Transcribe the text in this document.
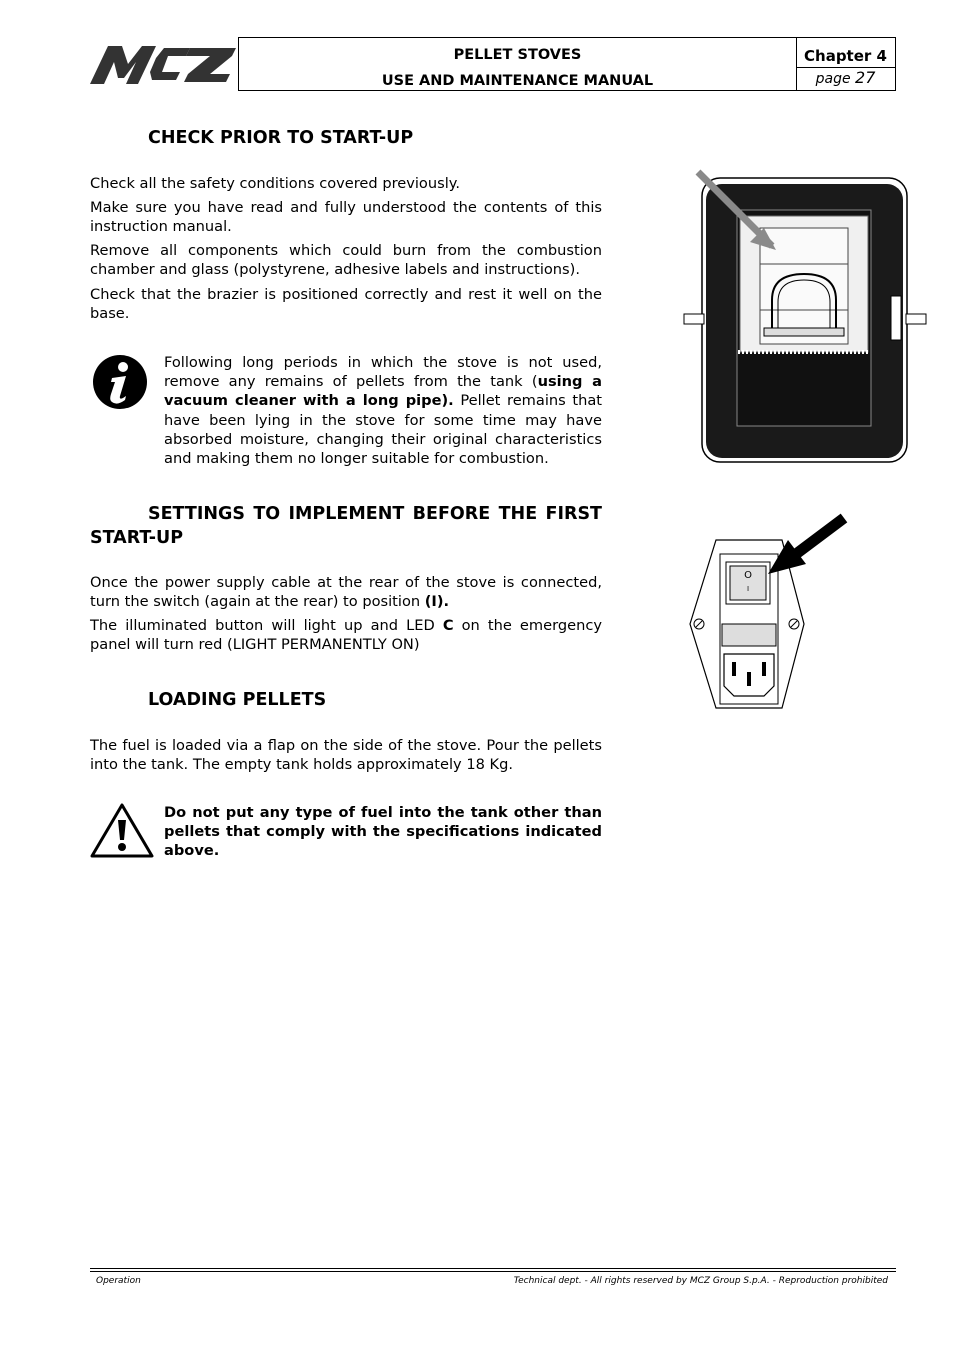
MCZ
PELLET STOVES
USE AND MAINTENANCE MANUAL
Chapter 4
page 27
CHECK PRIOR TO START-UP

Check all the safety conditions covered previously.

Make sure you have read and fully understood the contents of this instruction manual.

Remove all components which could burn from the combustion chamber and glass (polystyrene, adhesive labels and instructions).

Check that the brazier is positioned correctly and rest it well on the base.

Following long periods in which the stove is not used, remove any remains of pellets from the tank (using a vacuum cleaner with a long pipe). Pellet remains that have been lying in the stove for some time may have absorbed moisture, changing their original characteristics and making them no longer suitable for combustion.

SETTINGS TO IMPLEMENT BEFORE THE FIRST
START-UP

Once the power supply cable at the rear of the stove is connected, turn the switch (again at the rear) to position (I).

The illuminated button will light up and LED C on the emergency panel will turn red (LIGHT PERMANENTLY ON)

O
I
LOADING PELLETS

The fuel is loaded via a flap on the side of the stove. Pour the pellets into the tank. The empty tank holds approximately 18 Kg.

Do not put any type of fuel into the tank other than pellets that comply with the specifications indicated above.

Operation	Technical dept. - All rights reserved by MCZ Group S.p.A. - Reproduction prohibited
